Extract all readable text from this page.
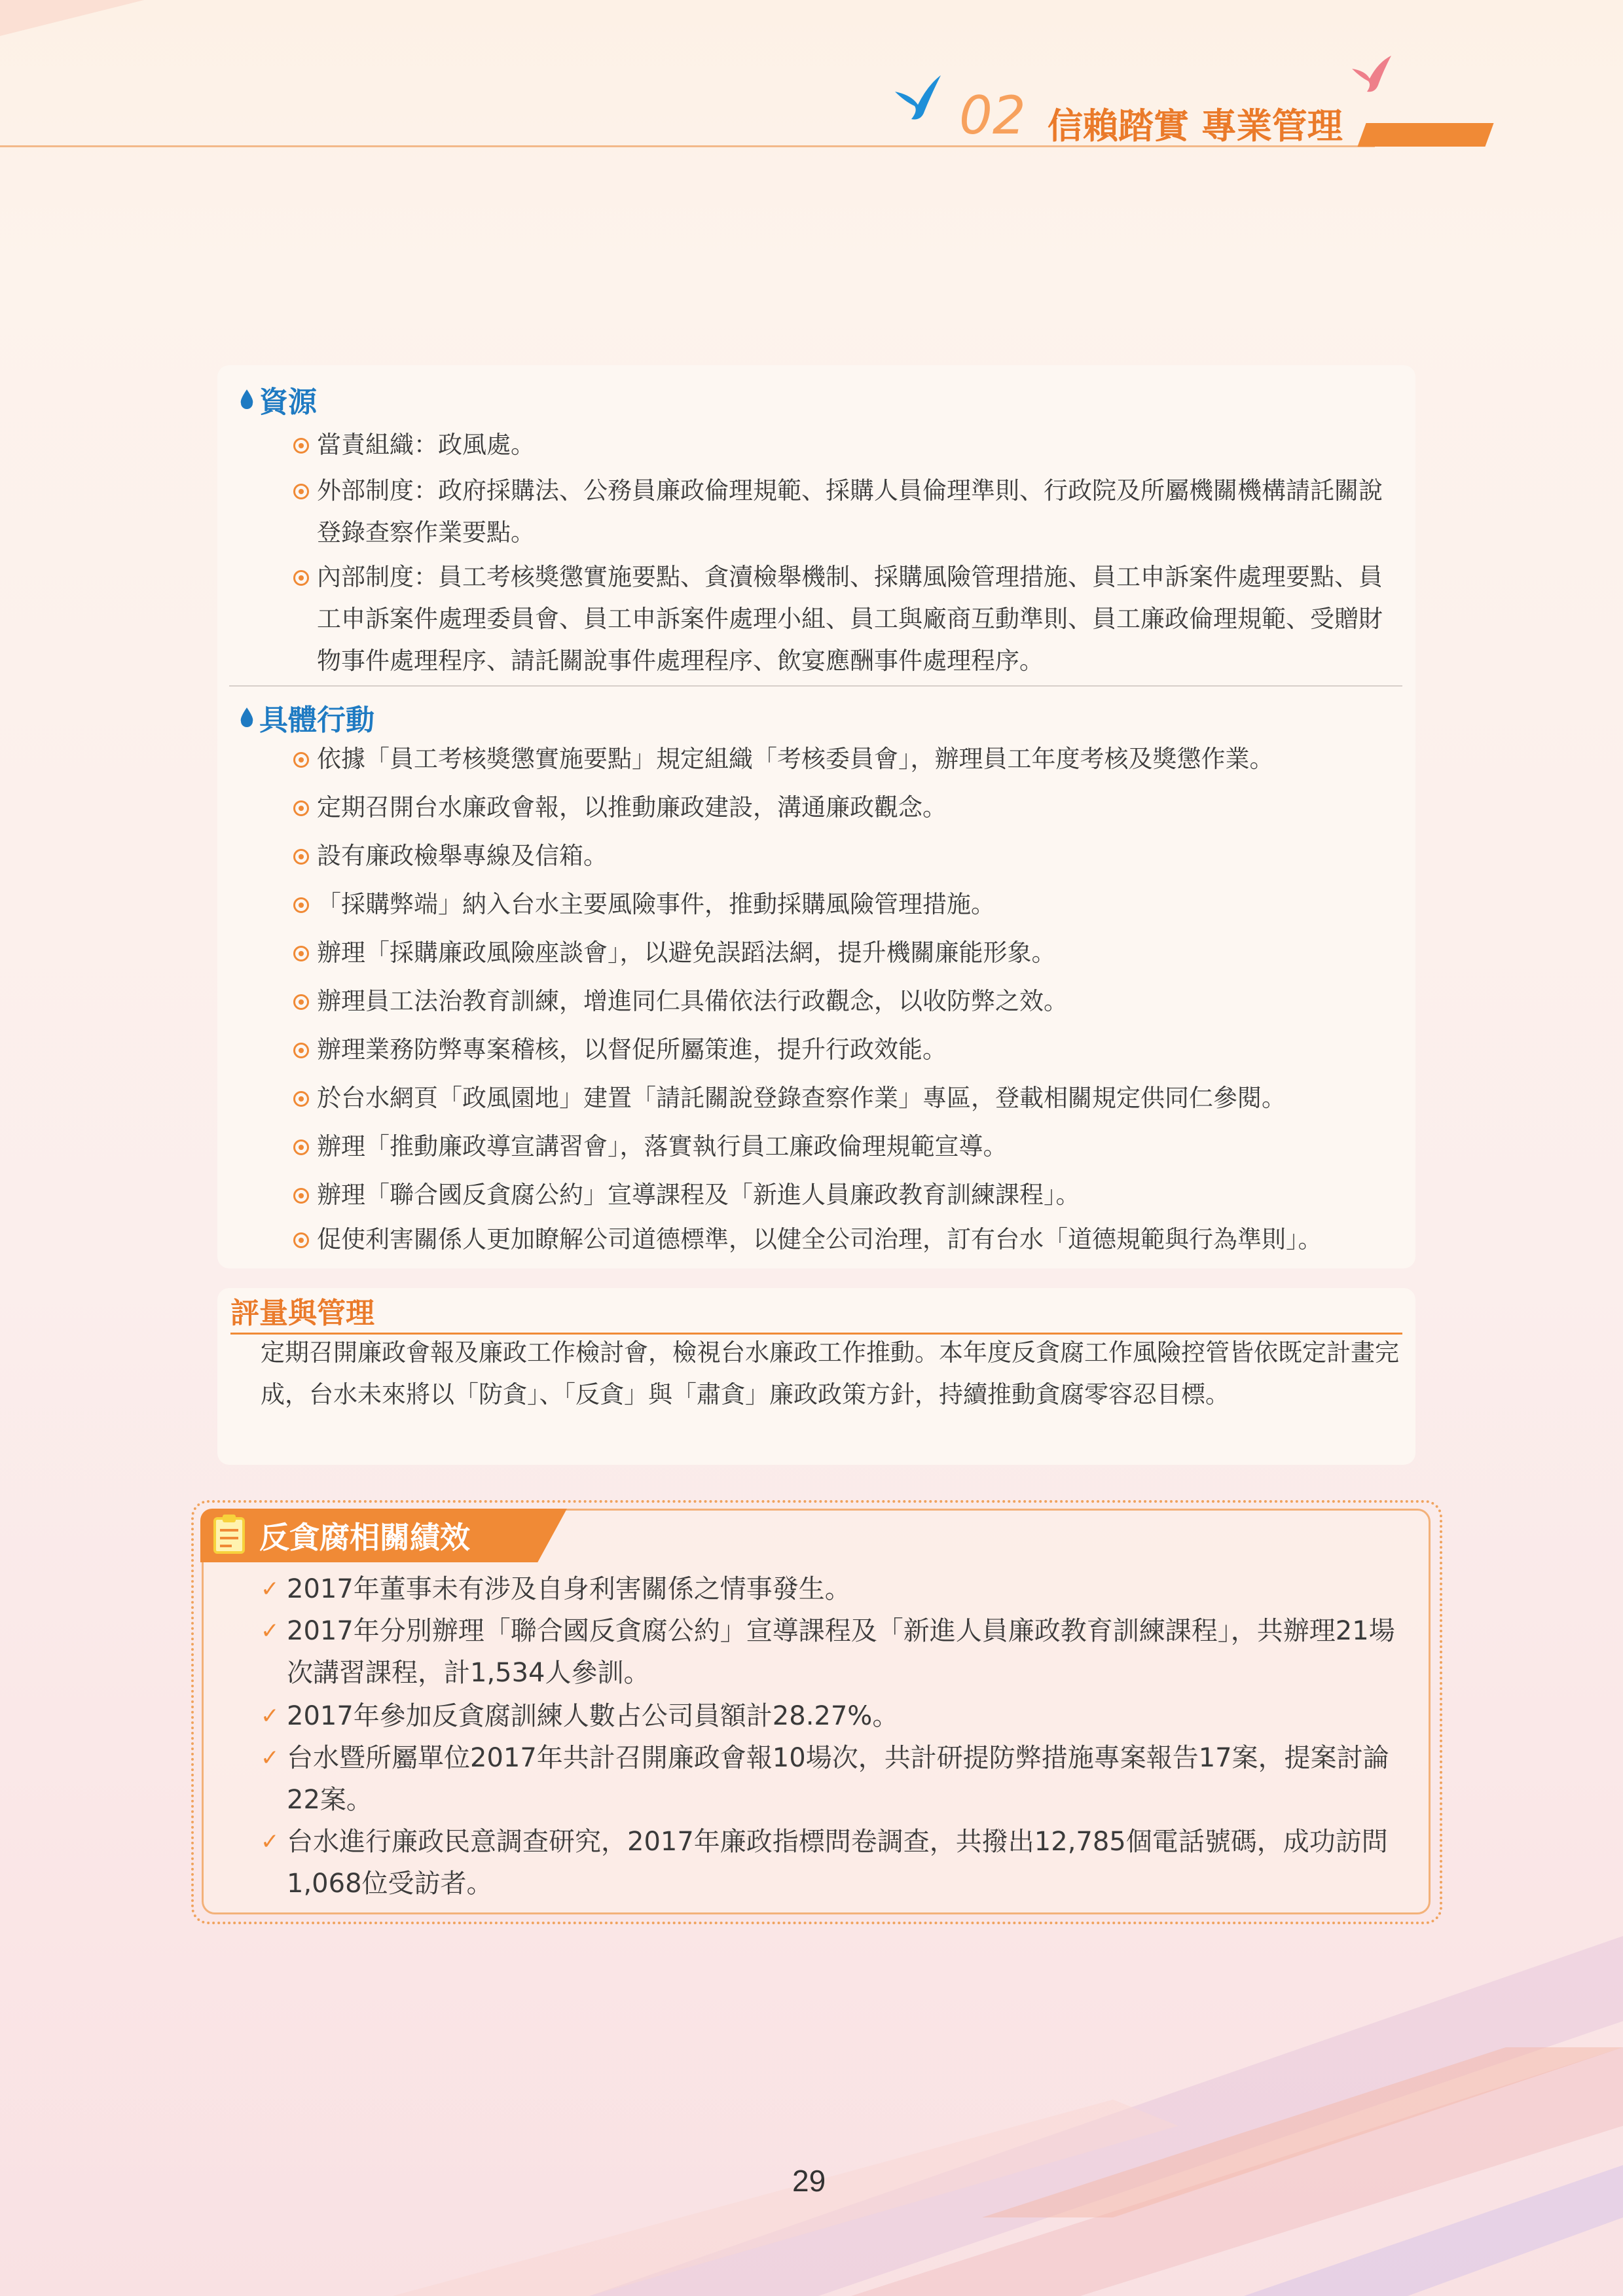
02 信賴踏實 專業管理
資源
當責組織：政風處。
外部制度：政府採購法、公務員廉政倫理規範、採購人員倫理準則、行政院及所屬機關機構請託關說登錄查察作業要點。
內部制度：員工考核獎懲實施要點、貪瀆檢舉機制、採購風險管理措施、員工申訴案件處理要點、員工申訴案件處理委員會、員工申訴案件處理小組、員工與廠商互動準則、員工廉政倫理規範、受贈財物事件處理程序、請託關說事件處理程序、飲宴應酬事件處理程序。
具體行動
依據「員工考核獎懲實施要點」規定組織「考核委員會」，辦理員工年度考核及獎懲作業。
定期召開台水廉政會報，以推動廉政建設，溝通廉政觀念。
設有廉政檢舉專線及信箱。
「採購弊端」納入台水主要風險事件，推動採購風險管理措施。
辦理「採購廉政風險座談會」，以避免誤蹈法網，提升機關廉能形象。
辦理員工法治教育訓練，增進同仁具備依法行政觀念，以收防弊之效。
辦理業務防弊專案稽核，以督促所屬策進，提升行政效能。
於台水網頁「政風園地」建置「請託關說登錄查察作業」專區，登載相關規定供同仁參閱。
辦理「推動廉政導宣講習會」，落實執行員工廉政倫理規範宣導。
辦理「聯合國反貪腐公約」宣導課程及「新進人員廉政教育訓練課程」。
促使利害關係人更加瞭解公司道德標準，以健全公司治理，訂有台水「道德規範與行為準則」。
評量與管理
定期召開廉政會報及廉政工作檢討會，檢視台水廉政工作推動。本年度反貪腐工作風險控管皆依既定計畫完成，台水未來將以「防貪」、「反貪」與「肅貪」廉政政策方針，持續推動貪腐零容忍目標。
反貪腐相關績效
✓ 2017年董事未有涉及自身利害關係之情事發生。
✓ 2017年分別辦理「聯合國反貪腐公約」宣導課程及「新進人員廉政教育訓練課程」，共辦理21場次講習課程，計1,534人參訓。
✓ 2017年參加反貪腐訓練人數占公司員額計28.27%。
✓ 台水暨所屬單位2017年共計召開廉政會報10場次，共計研提防弊措施專案報告17案，提案討論22案。
✓ 台水進行廉政民意調查研究，2017年廉政指標問卷調查，共撥出12,785個電話號碼，成功訪問1,068位受訪者。
29
